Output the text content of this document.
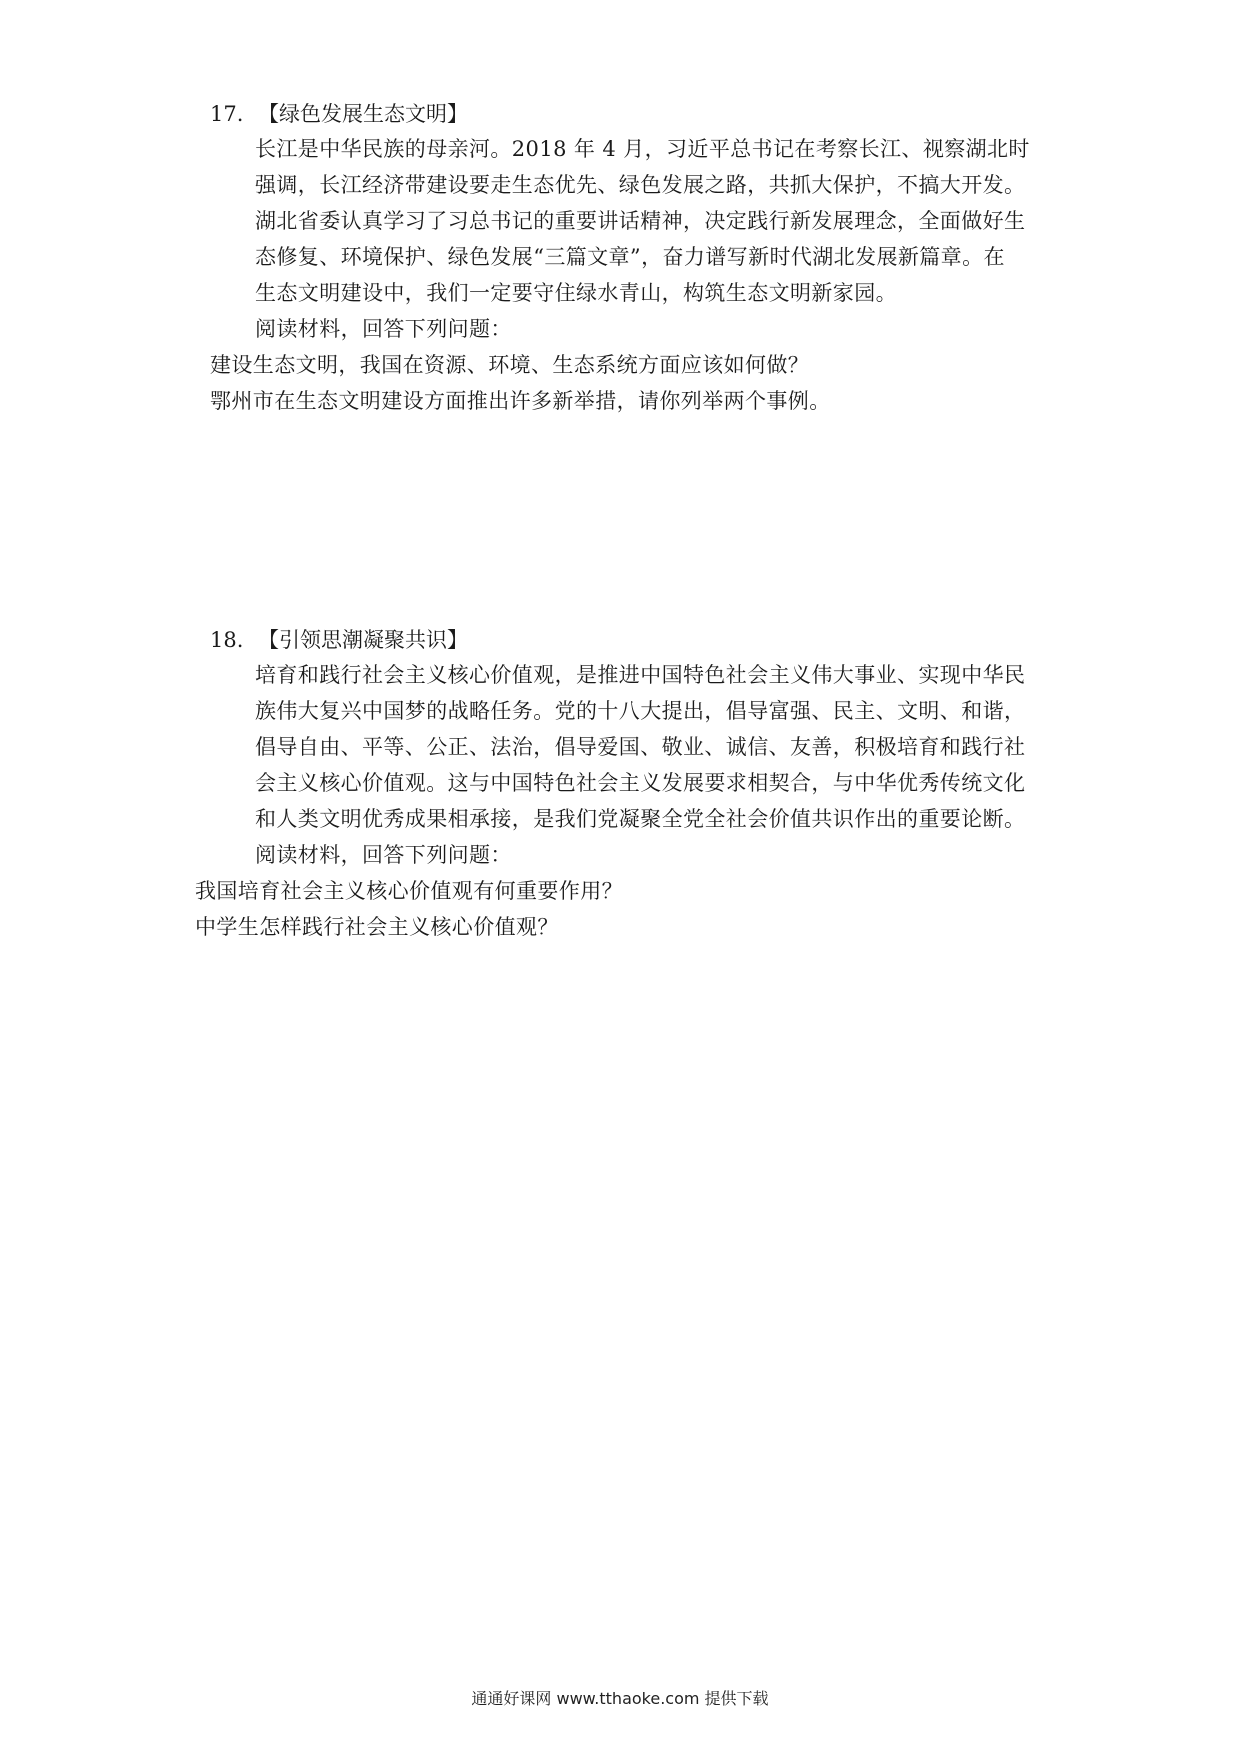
17. 【绿色发展生态文明】
长江是中华民族的母亲河。2018 年 4 月，习近平总书记在考察长江、视察湖北时
强调，长江经济带建设要走生态优先、绿色发展之路，共抓大保护，不搞大开发。
湖北省委认真学习了习总书记的重要讲话精神，决定践行新发展理念，全面做好生
态修复、环境保护、绿色发展“三篇文章”，奋力谱写新时代湖北发展新篇章。在
生态文明建设中，我们一定要守住绿水青山，构筑生态文明新家园。
阅读材料，回答下列问题：
建设生态文明，我国在资源、环境、生态系统方面应该如何做？
鄂州市在生态文明建设方面推出许多新举措，请你列举两个事例。
18. 【引领思潮凝聚共识】
培育和践行社会主义核心价值观，是推进中国特色社会主义伟大事业、实现中华民
族伟大复兴中国梦的战略任务。党的十八大提出，倡导富强、民主、文明、和谐，
倡导自由、平等、公正、法治，倡导爱国、敬业、诚信、友善，积极培育和践行社
会主义核心价值观。这与中国特色社会主义发展要求相契合，与中华优秀传统文化
和人类文明优秀成果相承接，是我们党凝聚全党全社会价值共识作出的重要论断。
阅读材料，回答下列问题：
我国培育社会主义核心价值观有何重要作用？
中学生怎样践行社会主义核心价值观？
通通好课网 www.tthaoke.com 提供下载
